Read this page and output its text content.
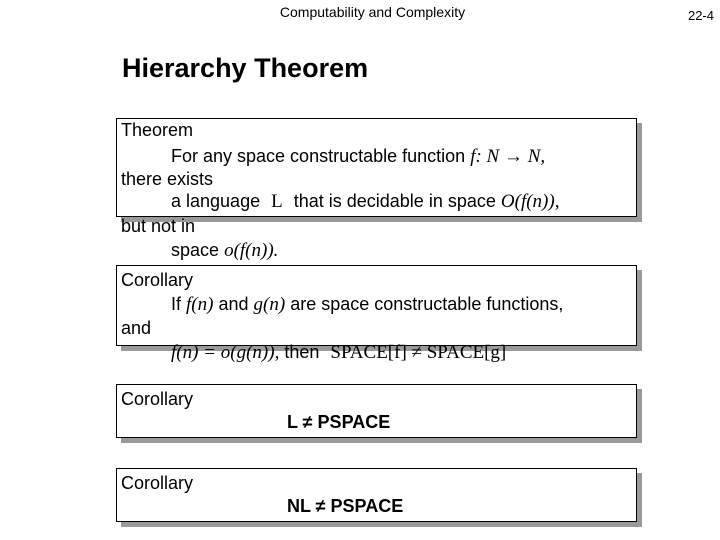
Computability and Complexity	22-4
Hierarchy Theorem
Theorem
For any space constructable function f: N → N,
there exists
a language L that is decidable in space O(f(n)),
but not in
space o(f(n)).
Corollary
If f(n) and g(n) are space constructable functions,
and
f(n) = o(g(n)), then SPACE[f] ≠ SPACE[g]
Corollary
L ≠ PSPACE
Corollary
NL ≠ PSPACE
